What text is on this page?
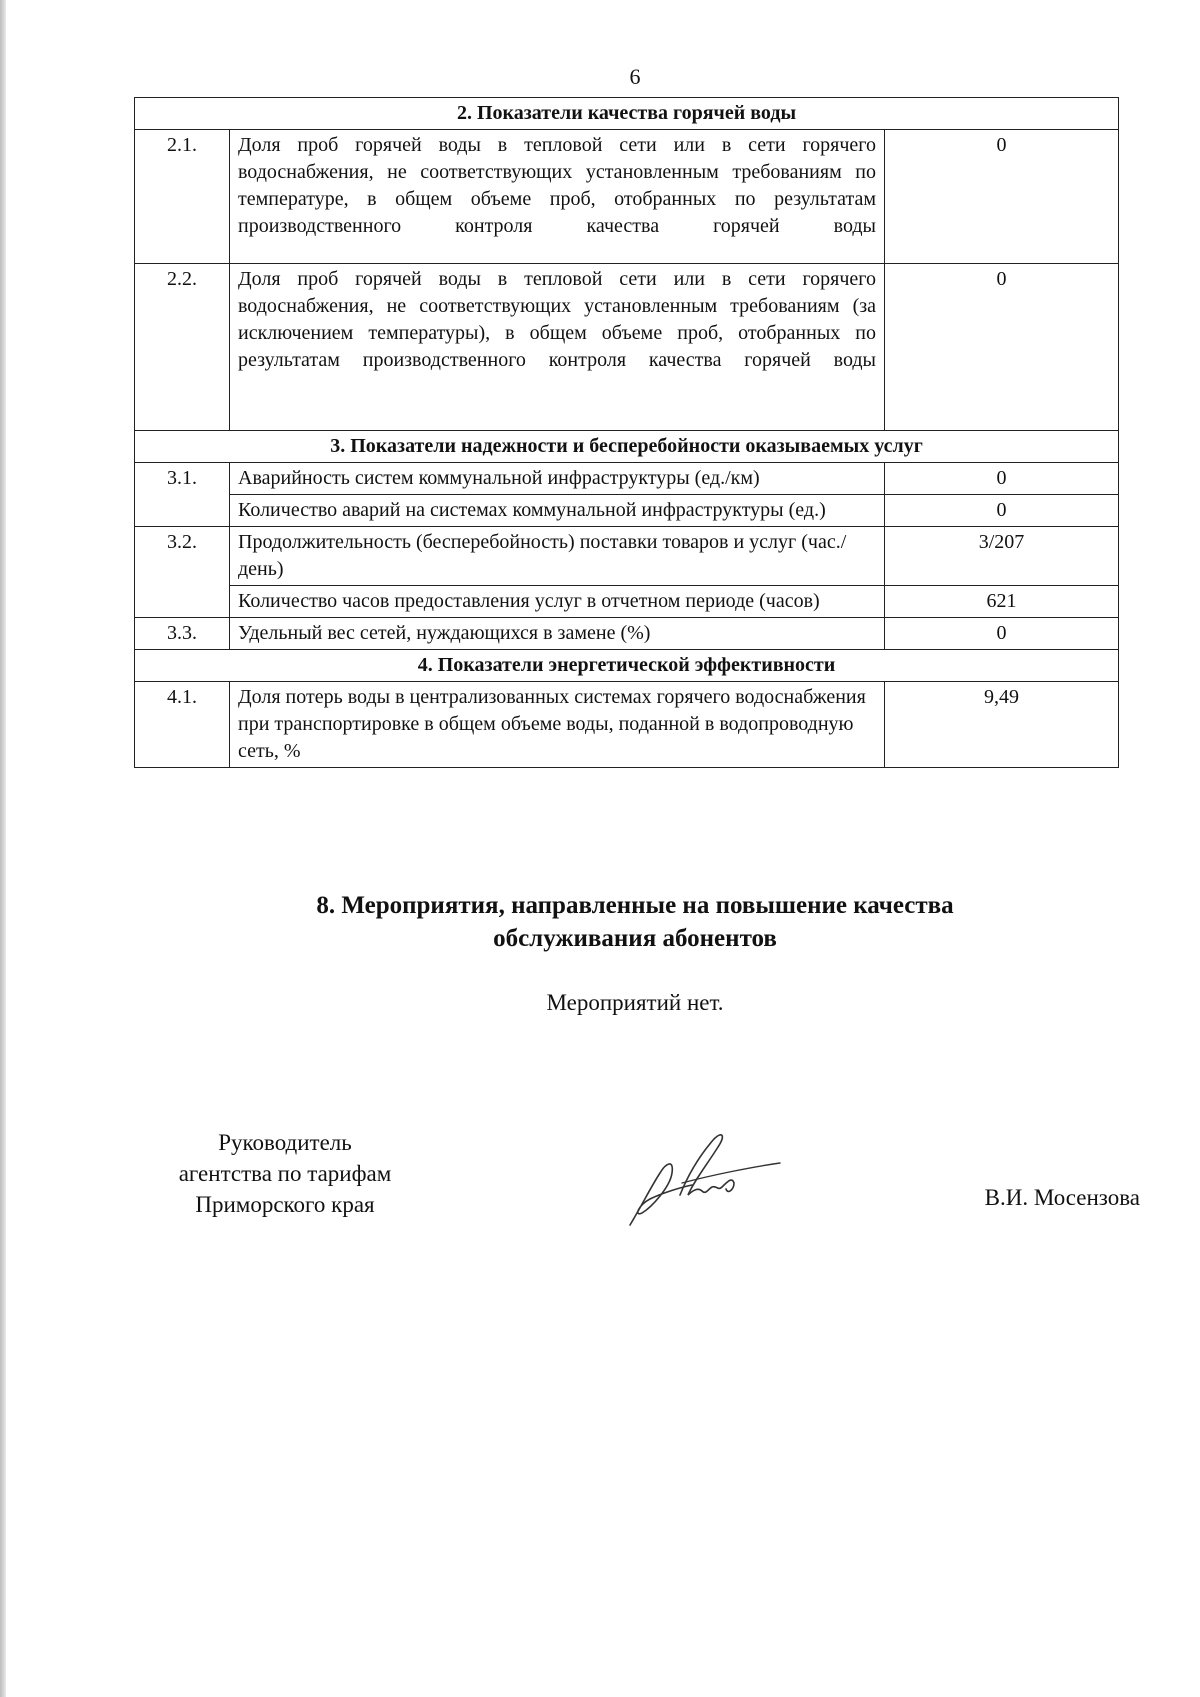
6
2. Показатели качества горячей воды		
2.1.	Доля проб горячей воды в тепловой сети или в сети горячего водоснабжения, не соответствующих установленным требованиям по температуре, в общем объеме проб, отобранных по результатам производственного контроля качества горячей воды	0
2.2.	Доля проб горячей воды в тепловой сети или в сети горячего водоснабжения, не соответствующих установленным требованиям (за исключением температуры), в общем объеме проб, отобранных по результатам производственного контроля качества горячей воды	0
3. Показатели надежности и бесперебойности оказываемых услуг		
3.1.	Аварийность систем коммунальной инфраструктуры (ед./км)	0
	Количество аварий на системах коммунальной инфраструктуры (ед.)	0
3.2.	Продолжительность (бесперебойность) поставки товаров и услуг (час./день)	3/207
	Количество часов предоставления услуг в отчетном периоде (часов)	621
3.3.	Удельный вес сетей, нуждающихся в замене (%)	0
4. Показатели энергетической эффективности		
4.1.	Доля потерь воды в централизованных системах горячего водоснабжения при транспортировке в общем объеме воды, поданной в водопроводную сеть, %	9,49
8. Мероприятия, направленные на повышение качества
обслуживания абонентов
Мероприятий нет.
Руководитель
агентства по тарифам
Приморского края	В.И. Мосензова
